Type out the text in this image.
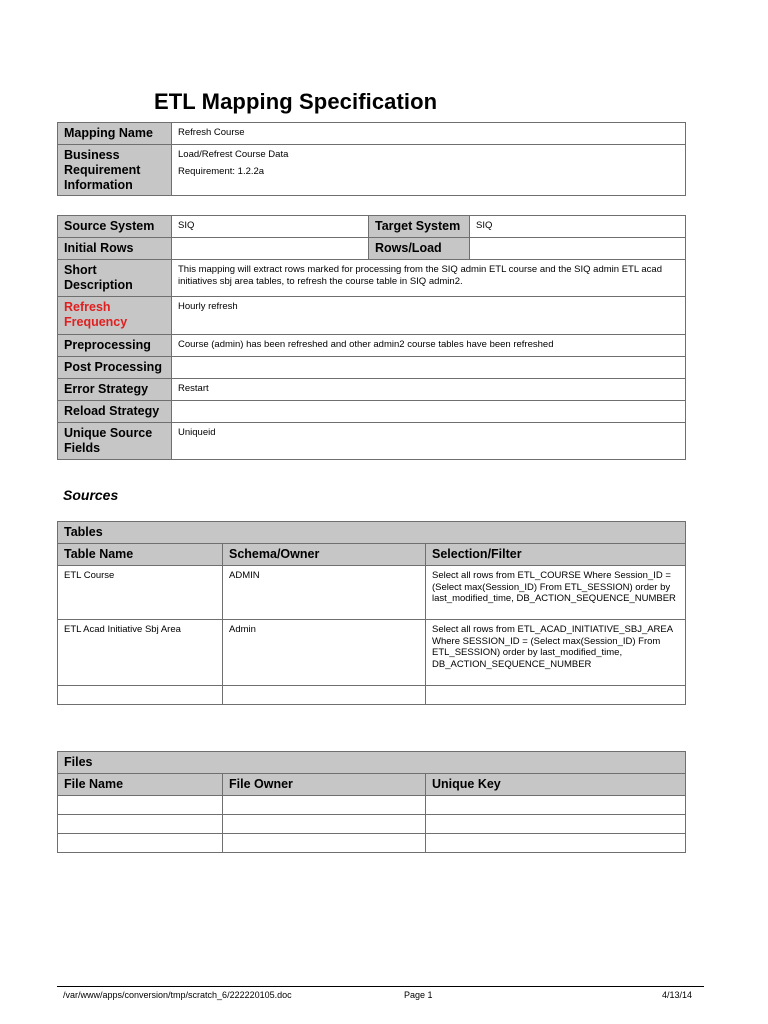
ETL Mapping Specification
Mapping Name	Refresh Course
Business Requirement Information	Load/Refrest Course Data
Requirement: 1.2.2a
Source System	SIQ	Target System	SIQ
Initial Rows		Rows/Load	
Short Description	This mapping will extract rows marked for processing from the SIQ admin ETL course and the SIQ admin ETL acad initiatives sbj area tables, to refresh the course table in SIQ admin2.		
Refresh Frequency	Hourly refresh		
Preprocessing	Course (admin) has been refreshed and other admin2 course tables have been refreshed		
Post Processing			
Error Strategy	Restart		
Reload Strategy			
Unique Source Fields	Uniqueid		
Sources
Tables		
Table Name	Schema/Owner	Selection/Filter
ETL Course	ADMIN	Select all rows from ETL_COURSE Where Session_ID = (Select max(Session_ID) From ETL_SESSION) order by last_modified_time, DB_ACTION_SEQUENCE_NUMBER
ETL Acad Initiative Sbj Area	Admin	Select all rows from ETL_ACAD_INITIATIVE_SBJ_AREA Where SESSION_ID = (Select max(Session_ID) From ETL_SESSION) order by last_modified_time, DB_ACTION_SEQUENCE_NUMBER

Files		
File Name	File Owner	Unique Key

/var/www/apps/conversion/tmp/scratch_6/222220105.doc	Page 1	4/13/14
